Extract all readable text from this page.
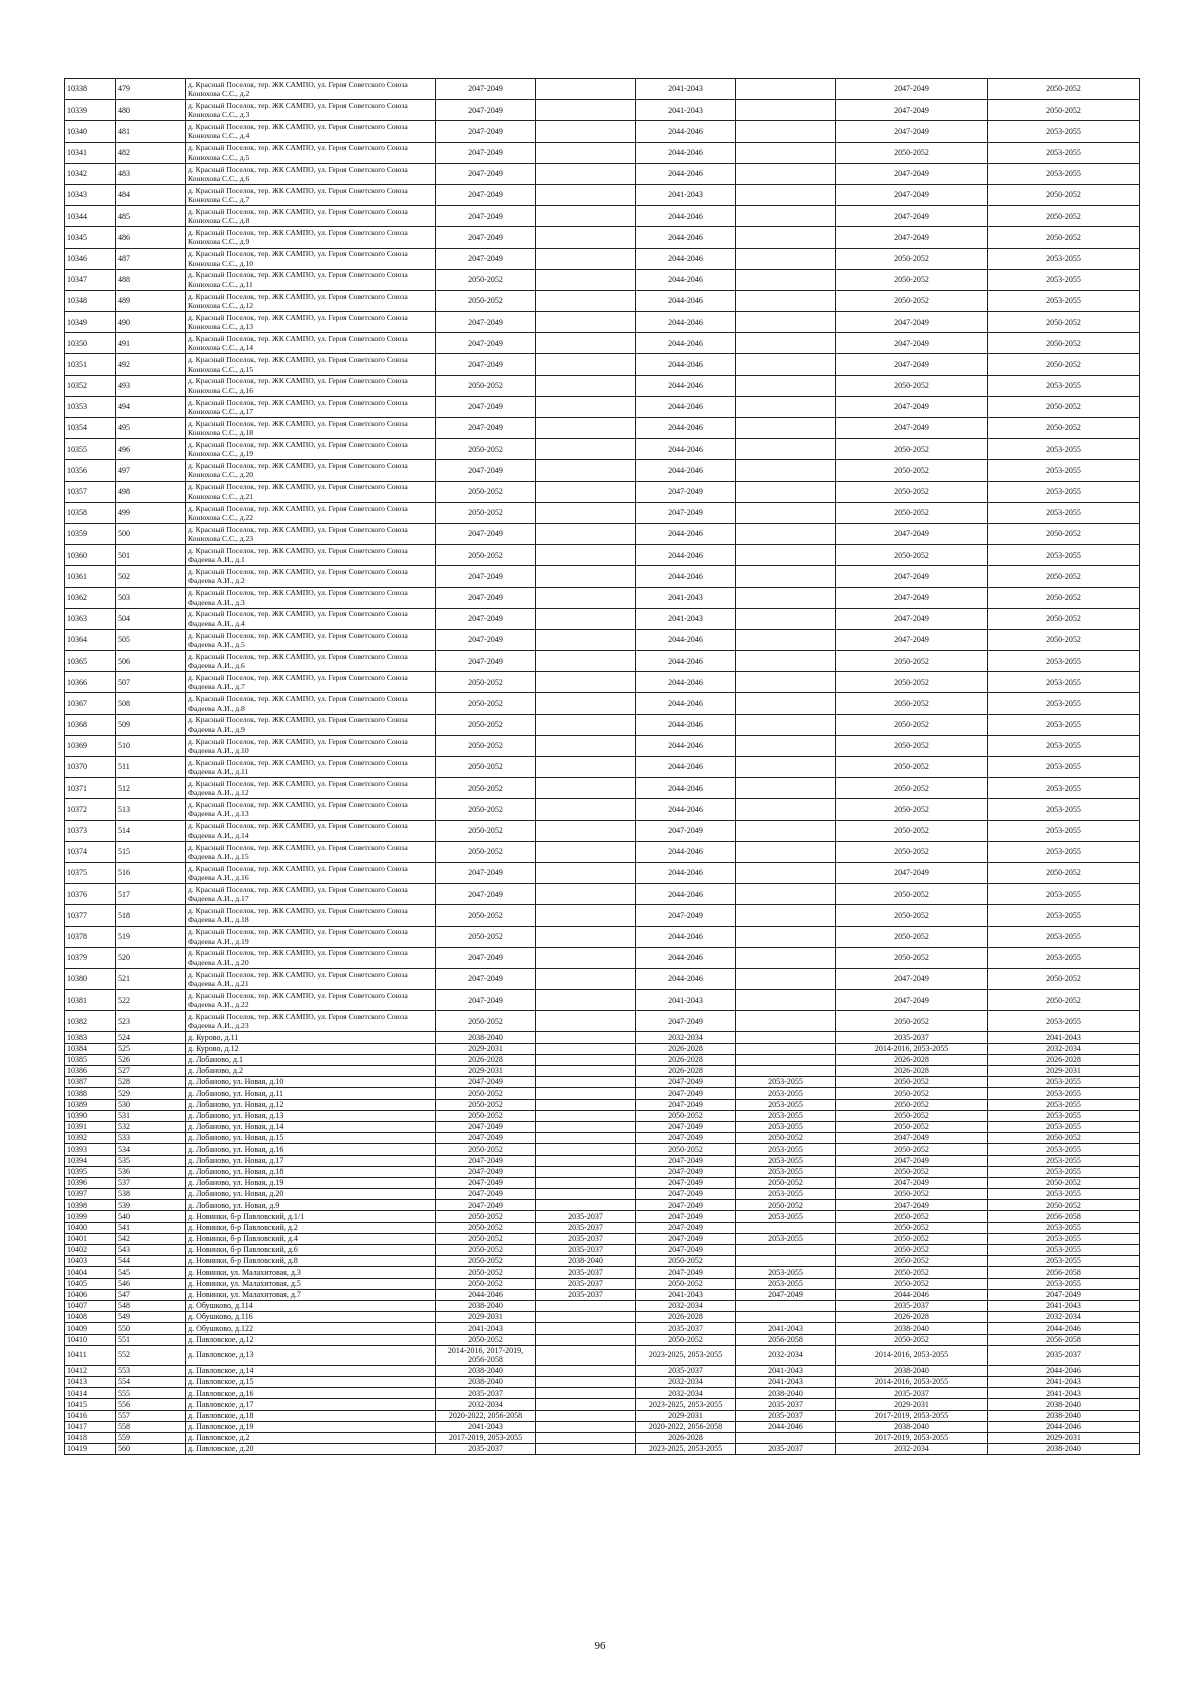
10338	479	д. Красный Поселок, тер. ЖК САМПО, ул. Героя Советского Союза Конюхова С.С., д.2	2047-2049		2041-2043		2047-2049	2050-2052
10339	480	д. Красный Поселок, тер. ЖК САМПО, ул. Героя Советского Союза Конюхова С.С., д.3	2047-2049		2041-2043		2047-2049	2050-2052
10340	481	д. Красный Поселок, тер. ЖК САМПО, ул. Героя Советского Союза Конюхова С.С., д.4	2047-2049		2044-2046		2047-2049	2053-2055
10341	482	д. Красный Поселок, тер. ЖК САМПО, ул. Героя Советского Союза Конюхова С.С., д.5	2047-2049		2044-2046		2050-2052	2053-2055
10342	483	д. Красный Поселок, тер. ЖК САМПО, ул. Героя Советского Союза Конюхова С.С., д.6	2047-2049		2044-2046		2047-2049	2053-2055
10343	484	д. Красный Поселок, тер. ЖК САМПО, ул. Героя Советского Союза Конюхова С.С., д.7	2047-2049		2041-2043		2047-2049	2050-2052
10344	485	д. Красный Поселок, тер. ЖК САМПО, ул. Героя Советского Союза Конюхова С.С., д.8	2047-2049		2044-2046		2047-2049	2050-2052
10345	486	д. Красный Поселок, тер. ЖК САМПО, ул. Героя Советского Союза Конюхова С.С., д.9	2047-2049		2044-2046		2047-2049	2050-2052
10346	487	д. Красный Поселок, тер. ЖК САМПО, ул. Героя Советского Союза Конюхова С.С., д.10	2047-2049		2044-2046		2050-2052	2053-2055
10347	488	д. Красный Поселок, тер. ЖК САМПО, ул. Героя Советского Союза Конюхова С.С., д.11	2050-2052		2044-2046		2050-2052	2053-2055
10348	489	д. Красный Поселок, тер. ЖК САМПО, ул. Героя Советского Союза Конюхова С.С., д.12	2050-2052		2044-2046		2050-2052	2053-2055
10349	490	д. Красный Поселок, тер. ЖК САМПО, ул. Героя Советского Союза Конюхова С.С., д.13	2047-2049		2044-2046		2047-2049	2050-2052
10350	491	д. Красный Поселок, тер. ЖК САМПО, ул. Героя Советского Союза Конюхова С.С., д.14	2047-2049		2044-2046		2047-2049	2050-2052
10351	492	д. Красный Поселок, тер. ЖК САМПО, ул. Героя Советского Союза Конюхова С.С., д.15	2047-2049		2044-2046		2047-2049	2050-2052
10352	493	д. Красный Поселок, тер. ЖК САМПО, ул. Героя Советского Союза Конюхова С.С., д.16	2050-2052		2044-2046		2050-2052	2053-2055
10353	494	д. Красный Поселок, тер. ЖК САМПО, ул. Героя Советского Союза Конюхова С.С., д.17	2047-2049		2044-2046		2047-2049	2050-2052
10354	495	д. Красный Поселок, тер. ЖК САМПО, ул. Героя Советского Союза Конюхова С.С., д.18	2047-2049		2044-2046		2047-2049	2050-2052
10355	496	д. Красный Поселок, тер. ЖК САМПО, ул. Героя Советского Союза Конюхова С.С., д.19	2050-2052		2044-2046		2050-2052	2053-2055
10356	497	д. Красный Поселок, тер. ЖК САМПО, ул. Героя Советского Союза Конюхова С.С., д.20	2047-2049		2044-2046		2050-2052	2053-2055
10357	498	д. Красный Поселок, тер. ЖК САМПО, ул. Героя Советского Союза Конюхова С.С., д.21	2050-2052		2047-2049		2050-2052	2053-2055
10358	499	д. Красный Поселок, тер. ЖК САМПО, ул. Героя Советского Союза Конюхова С.С., д.22	2050-2052		2047-2049		2050-2052	2053-2055
10359	500	д. Красный Поселок, тер. ЖК САМПО, ул. Героя Советского Союза Конюхова С.С., д.23	2047-2049		2044-2046		2047-2049	2050-2052
10360	501	д. Красный Поселок, тер. ЖК САМПО, ул. Героя Советского Союза Фадеева А.И., д.1	2050-2052		2044-2046		2050-2052	2053-2055
10361	502	д. Красный Поселок, тер. ЖК САМПО, ул. Героя Советского Союза Фадеева А.И., д.2	2047-2049		2044-2046		2047-2049	2050-2052
10362	503	д. Красный Поселок, тер. ЖК САМПО, ул. Героя Советского Союза Фадеева А.И., д.3	2047-2049		2041-2043		2047-2049	2050-2052
10363	504	д. Красный Поселок, тер. ЖК САМПО, ул. Героя Советского Союза Фадеева А.И., д.4	2047-2049		2041-2043		2047-2049	2050-2052
10364	505	д. Красный Поселок, тер. ЖК САМПО, ул. Героя Советского Союза Фадеева А.И., д.5	2047-2049		2044-2046		2047-2049	2050-2052
10365	506	д. Красный Поселок, тер. ЖК САМПО, ул. Героя Советского Союза Фадеева А.И., д.6	2047-2049		2044-2046		2050-2052	2053-2055
10366	507	д. Красный Поселок, тер. ЖК САМПО, ул. Героя Советского Союза Фадеева А.И., д.7	2050-2052		2044-2046		2050-2052	2053-2055
10367	508	д. Красный Поселок, тер. ЖК САМПО, ул. Героя Советского Союза Фадеева А.И., д.8	2050-2052		2044-2046		2050-2052	2053-2055
10368	509	д. Красный Поселок, тер. ЖК САМПО, ул. Героя Советского Союза Фадеева А.И., д.9	2050-2052		2044-2046		2050-2052	2053-2055
10369	510	д. Красный Поселок, тер. ЖК САМПО, ул. Героя Советского Союза Фадеева А.И., д.10	2050-2052		2044-2046		2050-2052	2053-2055
10370	511	д. Красный Поселок, тер. ЖК САМПО, ул. Героя Советского Союза Фадеева А.И., д.11	2050-2052		2044-2046		2050-2052	2053-2055
10371	512	д. Красный Поселок, тер. ЖК САМПО, ул. Героя Советского Союза Фадеева А.И., д.12	2050-2052		2044-2046		2050-2052	2053-2055
10372	513	д. Красный Поселок, тер. ЖК САМПО, ул. Героя Советского Союза Фадеева А.И., д.13	2050-2052		2044-2046		2050-2052	2053-2055
10373	514	д. Красный Поселок, тер. ЖК САМПО, ул. Героя Советского Союза Фадеева А.И., д.14	2050-2052		2047-2049		2050-2052	2053-2055
10374	515	д. Красный Поселок, тер. ЖК САМПО, ул. Героя Советского Союза Фадеева А.И., д.15	2050-2052		2044-2046		2050-2052	2053-2055
10375	516	д. Красный Поселок, тер. ЖК САМПО, ул. Героя Советского Союза Фадеева А.И., д.16	2047-2049		2044-2046		2047-2049	2050-2052
10376	517	д. Красный Поселок, тер. ЖК САМПО, ул. Героя Советского Союза Фадеева А.И., д.17	2047-2049		2044-2046		2050-2052	2053-2055
10377	518	д. Красный Поселок, тер. ЖК САМПО, ул. Героя Советского Союза Фадеева А.И., д.18	2050-2052		2047-2049		2050-2052	2053-2055
10378	519	д. Красный Поселок, тер. ЖК САМПО, ул. Героя Советского Союза Фадеева А.И., д.19	2050-2052		2044-2046		2050-2052	2053-2055
10379	520	д. Красный Поселок, тер. ЖК САМПО, ул. Героя Советского Союза Фадеева А.И., д.20	2047-2049		2044-2046		2050-2052	2053-2055
10380	521	д. Красный Поселок, тер. ЖК САМПО, ул. Героя Советского Союза Фадеева А.И., д.21	2047-2049		2044-2046		2047-2049	2050-2052
10381	522	д. Красный Поселок, тер. ЖК САМПО, ул. Героя Советского Союза Фадеева А.И., д.22	2047-2049		2041-2043		2047-2049	2050-2052
10382	523	д. Красный Поселок, тер. ЖК САМПО, ул. Героя Советского Союза Фадеева А.И., д.23	2050-2052		2047-2049		2050-2052	2053-2055
10383	524	д. Курово, д.11	2038-2040		2032-2034		2035-2037	2041-2043
10384	525	д. Курово, д.12	2029-2031		2026-2028		2014-2016, 2053-2055	2032-2034
10385	526	д. Лобаново, д.1	2026-2028		2026-2028		2026-2028	2026-2028
10386	527	д. Лобаново, д.2	2029-2031		2026-2028		2026-2028	2029-2031
10387	528	д. Лобаново, ул. Новая, д.10	2047-2049		2047-2049	2053-2055	2050-2052	2053-2055
10388	529	д. Лобаново, ул. Новая, д.11	2050-2052		2047-2049	2053-2055	2050-2052	2053-2055
10389	530	д. Лобаново, ул. Новая, д.12	2050-2052		2047-2049	2053-2055	2050-2052	2053-2055
10390	531	д. Лобаново, ул. Новая, д.13	2050-2052		2050-2052	2053-2055	2050-2052	2053-2055
10391	532	д. Лобаново, ул. Новая, д.14	2047-2049		2047-2049	2053-2055	2050-2052	2053-2055
10392	533	д. Лобаново, ул. Новая, д.15	2047-2049		2047-2049	2050-2052	2047-2049	2050-2052
10393	534	д. Лобаново, ул. Новая, д.16	2050-2052		2050-2052	2053-2055	2050-2052	2053-2055
10394	535	д. Лобаново, ул. Новая, д.17	2047-2049		2047-2049	2053-2055	2047-2049	2053-2055
10395	536	д. Лобаново, ул. Новая, д.18	2047-2049		2047-2049	2053-2055	2050-2052	2053-2055
10396	537	д. Лобаново, ул. Новая, д.19	2047-2049		2047-2049	2050-2052	2047-2049	2050-2052
10397	538	д. Лобаново, ул. Новая, д.20	2047-2049		2047-2049	2053-2055	2050-2052	2053-2055
10398	539	д. Лобаново, ул. Новая, д.9	2047-2049		2047-2049	2050-2052	2047-2049	2050-2052
10399	540	д. Новинки, б-р Павловский, д.1/1	2050-2052	2035-2037	2047-2049	2053-2055	2050-2052	2056-2058
10400	541	д. Новинки, б-р Павловский, д.2	2050-2052	2035-2037	2047-2049		2050-2052	2053-2055
10401	542	д. Новинки, б-р Павловский, д.4	2050-2052	2035-2037	2047-2049	2053-2055	2050-2052	2053-2055
10402	543	д. Новинки, б-р Павловский, д.6	2050-2052	2035-2037	2047-2049		2050-2052	2053-2055
10403	544	д. Новинки, б-р Павловский, д.8	2050-2052	2038-2040	2050-2052		2050-2052	2053-2055
10404	545	д. Новинки, ул. Малахитовая, д.3	2050-2052	2035-2037	2047-2049	2053-2055	2050-2052	2056-2058
10405	546	д. Новинки, ул. Малахитовая, д.5	2050-2052	2035-2037	2050-2052	2053-2055	2050-2052	2053-2055
10406	547	д. Новинки, ул. Малахитовая, д.7	2044-2046	2035-2037	2041-2043	2047-2049	2044-2046	2047-2049
10407	548	д. Обушково, д.114	2038-2040		2032-2034		2035-2037	2041-2043
10408	549	д. Обушково, д.116	2029-2031		2026-2028		2026-2028	2032-2034
10409	550	д. Обушково, д.122	2041-2043		2035-2037	2041-2043	2038-2040	2044-2046
10410	551	д. Павловское, д.12	2050-2052		2050-2052	2056-2058	2050-2052	2056-2058
10411	552	д. Павловское, д.13	2014-2016, 2017-2019, 2056-2058		2023-2025, 2053-2055	2032-2034	2014-2016, 2053-2055	2035-2037
10412	553	д. Павловское, д.14	2038-2040		2035-2037	2041-2043	2038-2040	2044-2046
10413	554	д. Павловское, д.15	2038-2040		2032-2034	2041-2043	2014-2016, 2053-2055	2041-2043
10414	555	д. Павловское, д.16	2035-2037		2032-2034	2038-2040	2035-2037	2041-2043
10415	556	д. Павловское, д.17	2032-2034		2023-2025, 2053-2055	2035-2037	2029-2031	2038-2040
10416	557	д. Павловское, д.18	2020-2022, 2056-2058		2029-2031	2035-2037	2017-2019, 2053-2055	2038-2040
10417	558	д. Павловское, д.19	2041-2043		2020-2022, 2056-2058	2044-2046	2038-2040	2044-2046
10418	559	д. Павловское, д.2	2017-2019, 2053-2055		2026-2028		2017-2019, 2053-2055	2029-2031
10419	560	д. Павловское, д.20	2035-2037		2023-2025, 2053-2055	2035-2037	2032-2034	2038-2040
96
